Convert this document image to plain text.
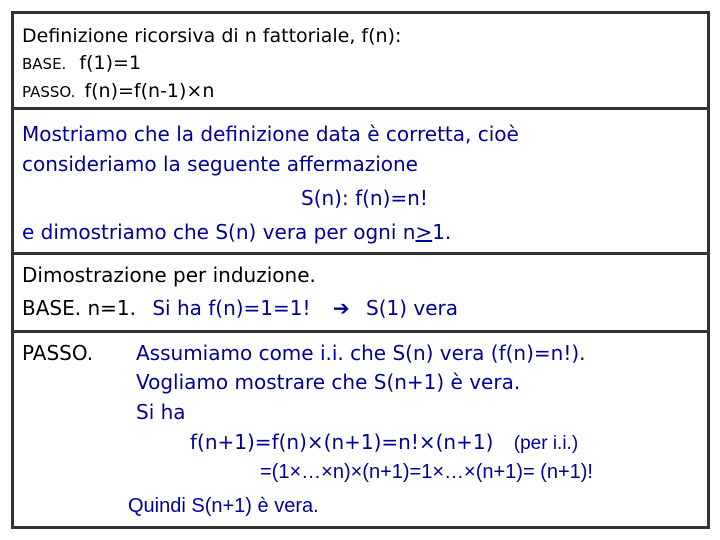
Definizione ricorsiva di n fattoriale, f(n):
BASE. f(1)=1
PASSO. f(n)=f(n-1)×n
Mostriamo che la definizione data è corretta, cioè
consideriamo la seguente affermazione
S(n): f(n)=n!
e dimostriamo che S(n) vera per ogni n≥1.
Dimostrazione per induzione.
BASE. n=1. Si ha f(n)=1=1! ➔ S(1) vera
PASSO. Assumiamo come i.i. che S(n) vera (f(n)=n!).
Vogliamo mostrare che S(n+1) è vera.
Si ha
f(n+1)=f(n)×(n+1)=n!×(n+1) (per i.i.)
=(1×…×n)×(n+1)=1×…×(n+1)= (n+1)!
Quindi S(n+1) è vera.
